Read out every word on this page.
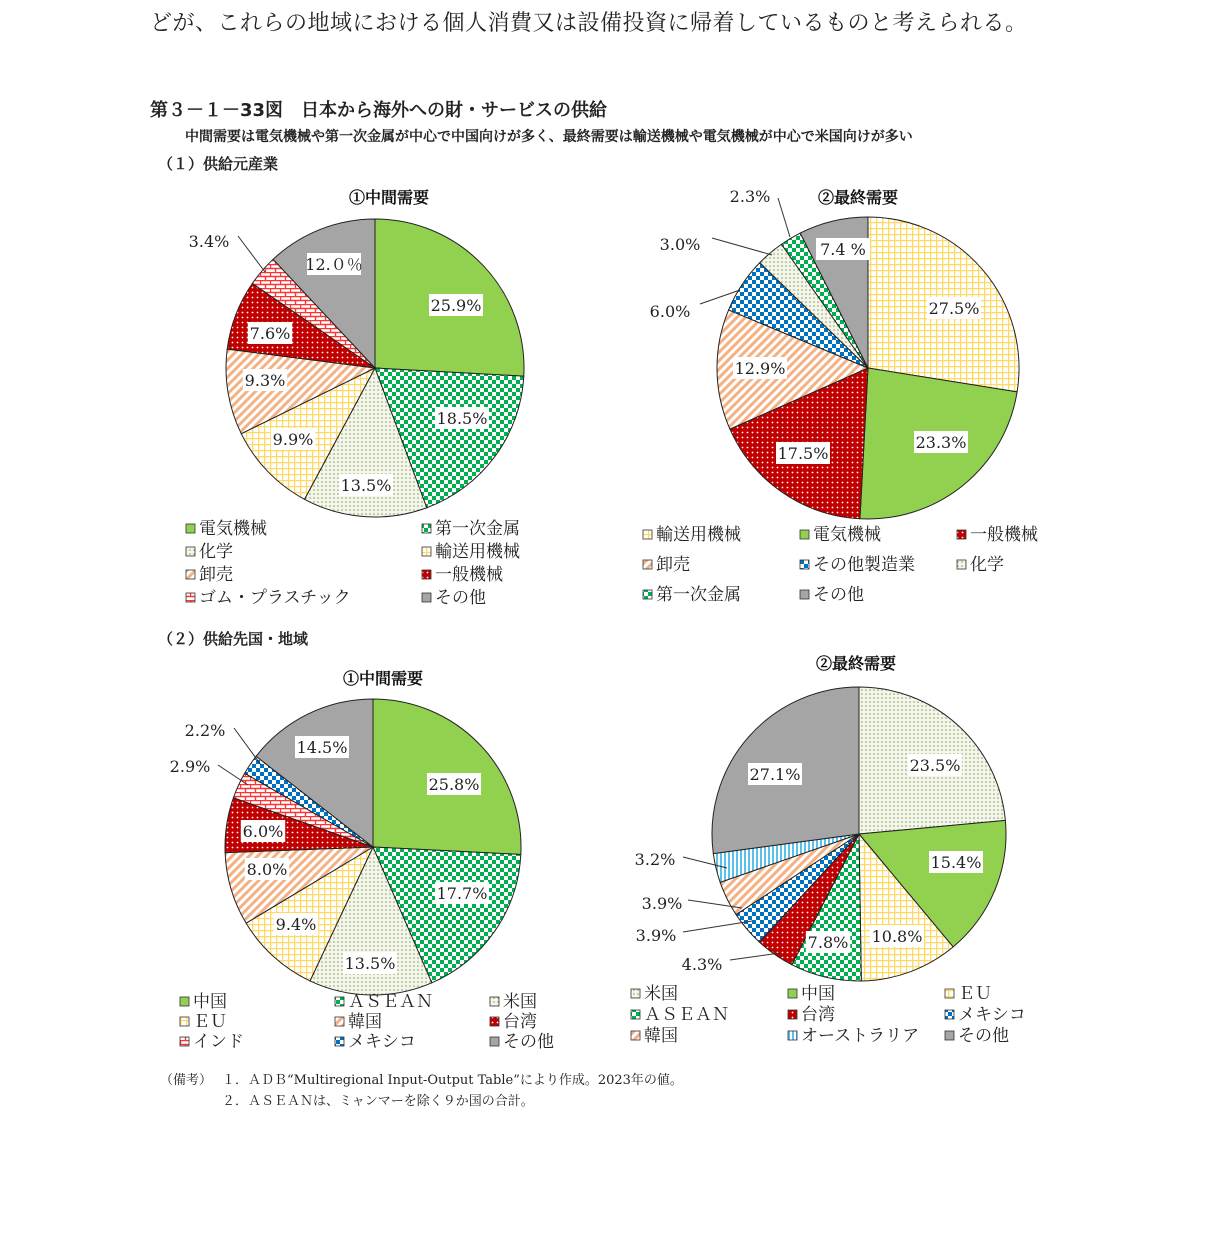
どが、これらの地域における個人消費又は設備投資に帰着しているものと考えられる。
第３－１－33図　日本から海外への財・サービスの供給
中間需要は電気機械や第一次金属が中心で中国向けが多く、最終需要は輸送機械や電気機械が中心で米国向けが多い
（１）供給元産業
（２）供給先国・地域
①中間需要
25.9%
18.5%
13.5%
9.9%
9.3%
7.6%
3.4%
12.０％
電気機械	第一次金属
化学	輸送用機械
卸売	一般機械
ゴム・プラスチック	その他
②最終需要
27.5%
23.3%
17.5%
12.9%
6.0%
3.0%
2.3%
7.4 %
輸送用機械	電気機械	一般機械
卸売	その他製造業	化学
第一次金属	その他
①中間需要
25.8%
17.7%
13.5%
9.4%
8.0%
6.0%
2.9%
2.2%
14.5%
中国	ＡＳＥＡＮ	米国
ＥＵ	韓国	台湾
インド	メキシコ	その他
②最終需要
23.5%
15.4%
10.8%
7.8%
4.3%
3.9%
3.9%
3.2%
27.1%
米国	中国	ＥＵ
ＡＳＥＡＮ	台湾	メキシコ
韓国	オーストラリア その他
（備考） １．ＡＤＢ“Multiregional Input-Output Table”により作成。2023年の値。
２．ＡＳＥＡＮは、ミャンマーを除く９か国の合計。
